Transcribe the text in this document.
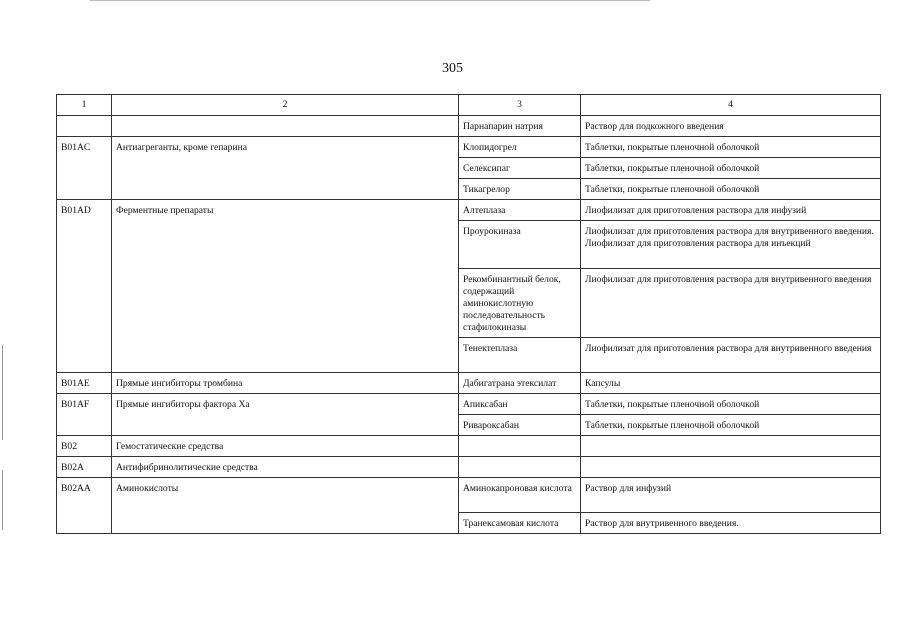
305
1	2	3	4
		Парнапарин натрия	Раствор для подкожного введения

B01AC	Антиагреганты, кроме гепарина	Клопидогрел	Таблетки, покрытые пленочной оболочкой

		Селексипаг	Таблетки, покрытые пленочной оболочкой

		Тикагрелор	Таблетки, покрытые пленочной оболочкой

B01AD	Ферментные препараты	Алтеплаза	Лиофилизат для приготовления раствора для инфузий

		Проурокиназа	Лиофилизат для приготовления раствора для внутривенного введения.
Лиофилизат для приготовления раствора для инъекций

		Рекомбинантный белок, содержащий аминокислотную последовательность стафилокиназы	Лиофилизат для приготовления раствора для внутривенного введения

		Тенектеплаза	Лиофилизат для приготовления раствора для внутривенного введения

B01AE	Прямые ингибиторы тромбина	Дабигатрана этексилат	Капсулы

B01AF	Прямые ингибиторы фактора Xa	Апиксабан	Таблетки, покрытые пленочной оболочкой

		Ривароксабан	Таблетки, покрытые пленочной оболочкой

B02	Гемостатические средства		

B02A	Антифибринолитические средства		

B02AA	Аминокислоты	Аминокапроновая кислота	Раствор для инфузий

		Транексамовая кислота	Раствор для внутривенного введения.
